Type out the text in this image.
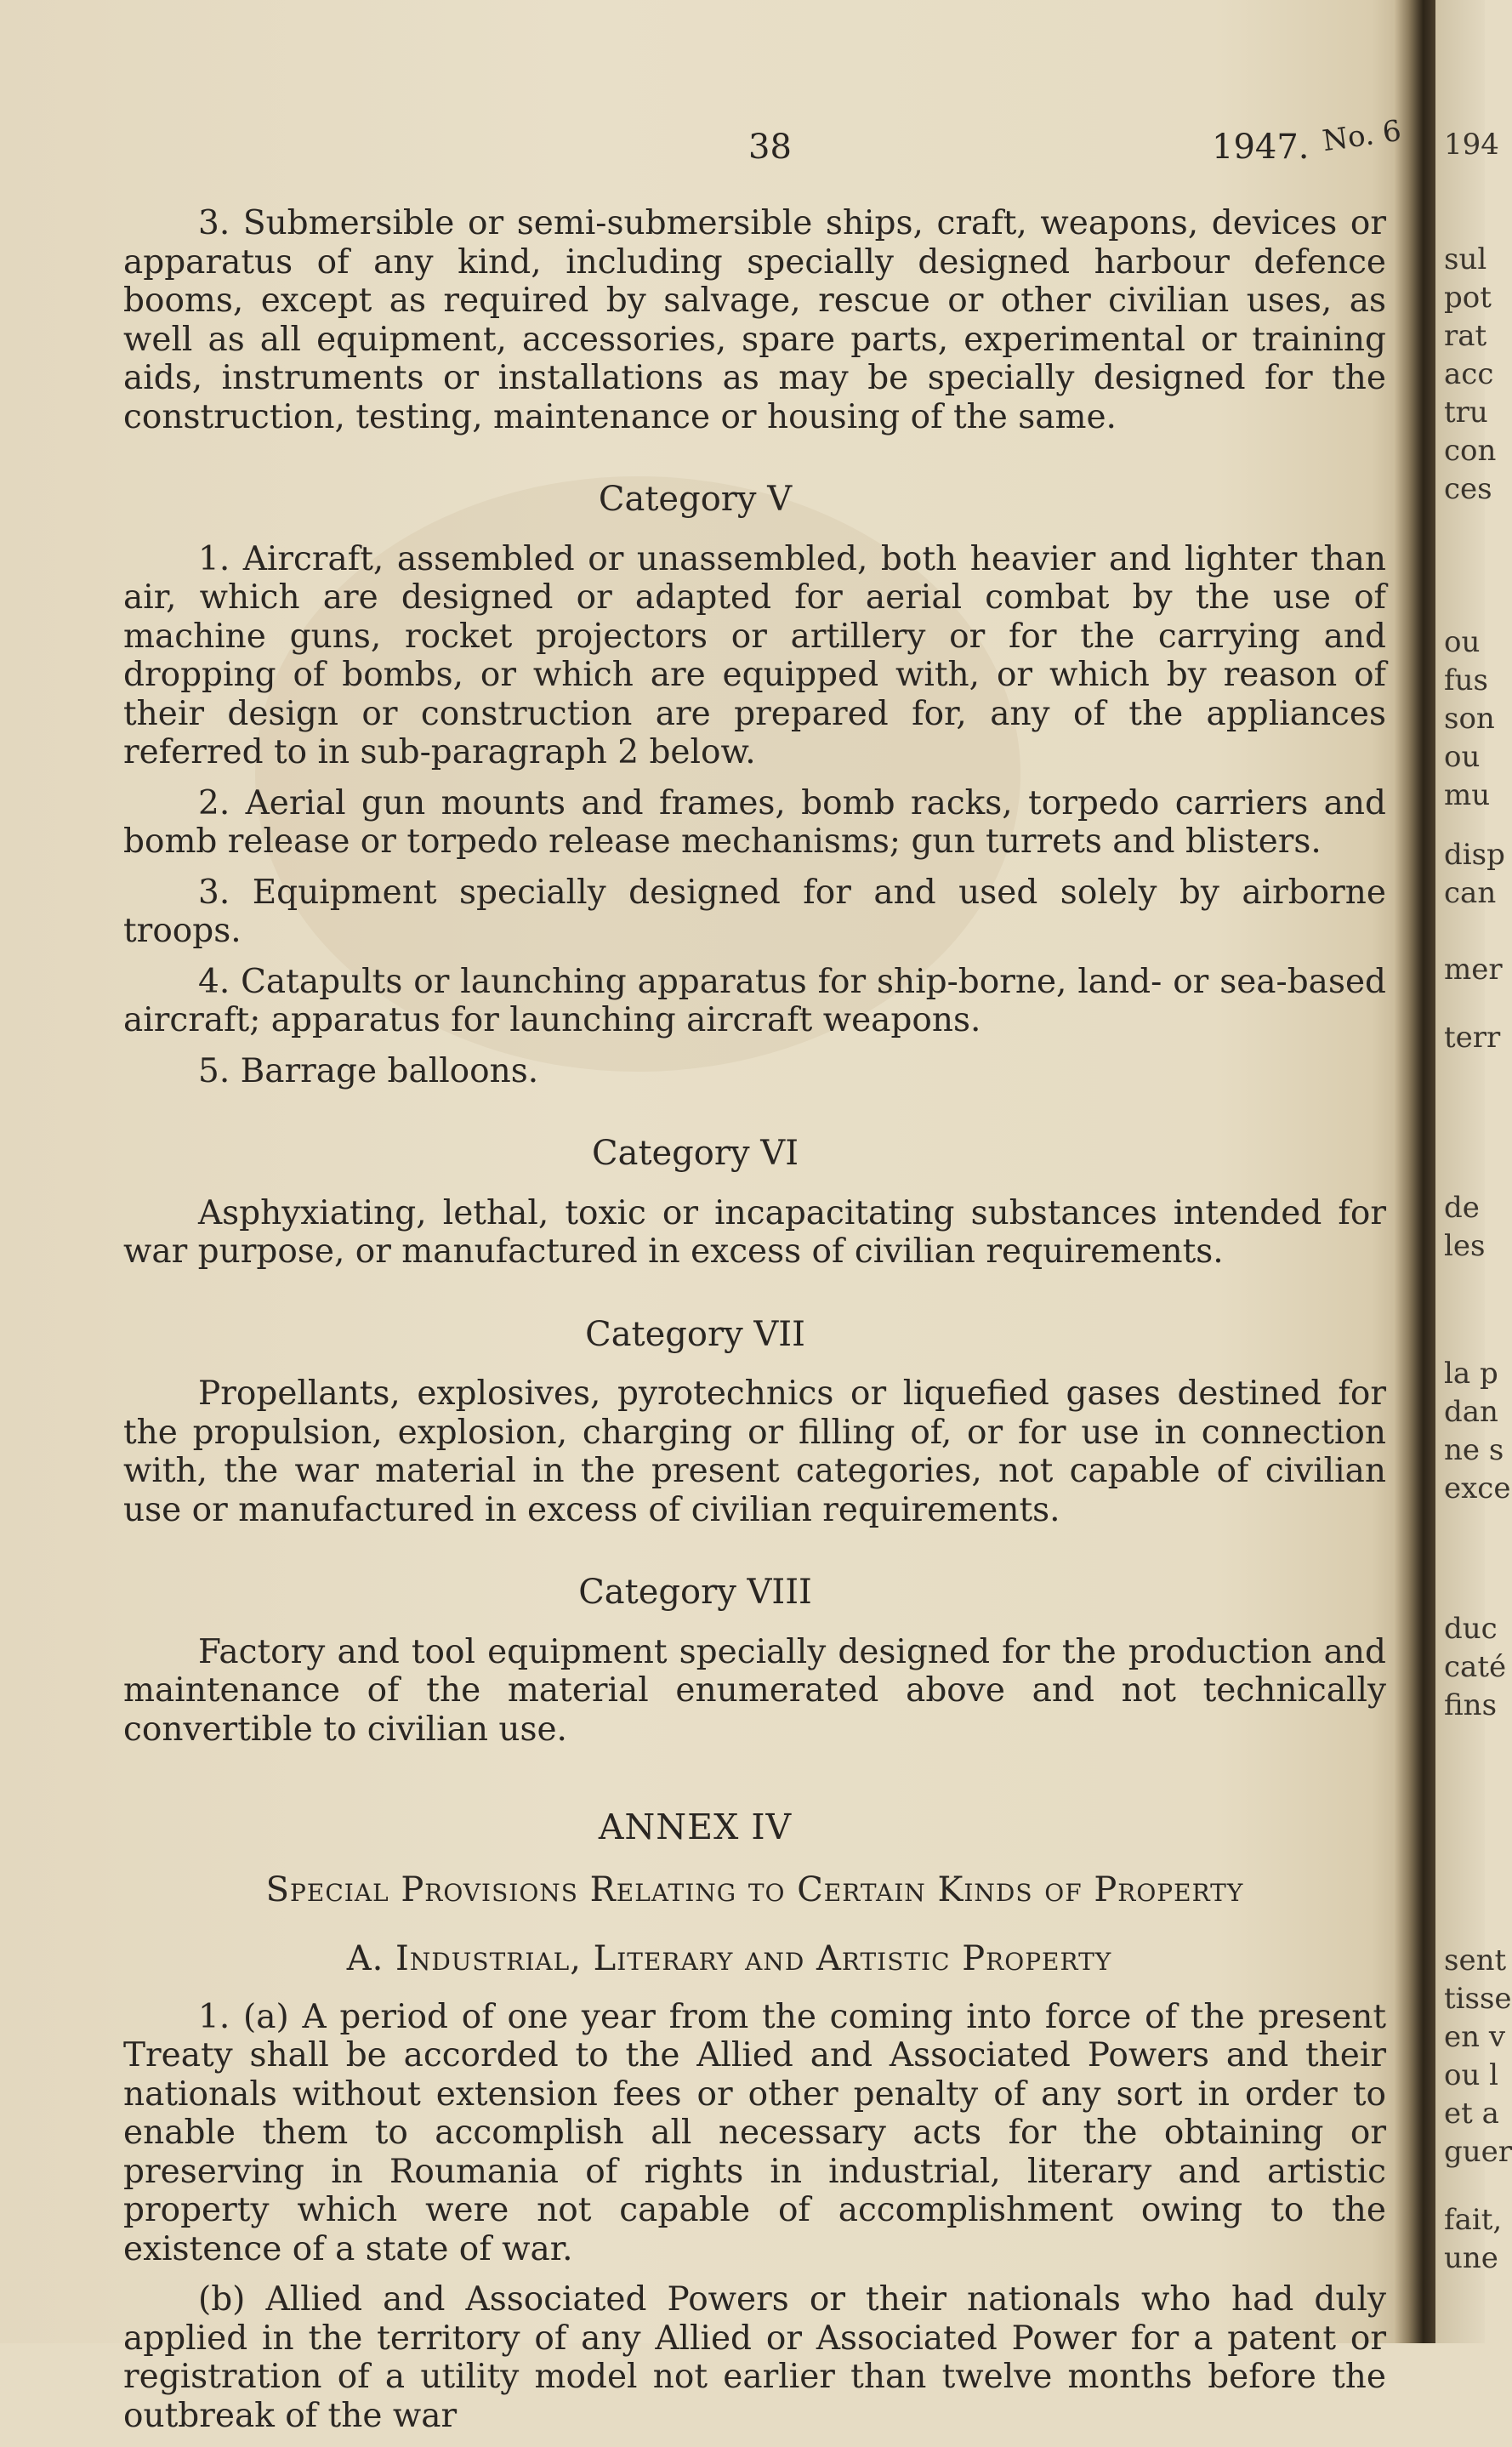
194
sul
pot
rat
acc
tru
con
ces
ou
fus
son
ou
mu
disp
can
mer
terr
de
les
la p
dan
ne s
exce
duc
caté
fins
sent
tisse
en v
ou l
et a
guer
fait,
une
38	1947. No. 6

3. Submersible or semi-submersible ships, craft, weapons, devices or apparatus of any kind, including specially designed harbour defence booms, except as required by salvage, rescue or other civilian uses, as well as all equipment, accessories, spare parts, experimental or training aids, instruments or installations as may be specially designed for the construction, testing, maintenance or housing of the same.

Category V

1. Aircraft, assembled or unassembled, both heavier and lighter than air, which are designed or adapted for aerial combat by the use of machine guns, rocket projectors or artillery or for the carrying and dropping of bombs, or which are equipped with, or which by reason of their design or construction are prepared for, any of the appliances referred to in sub-paragraph 2 below.

2. Aerial gun mounts and frames, bomb racks, torpedo carriers and bomb release or torpedo release mechanisms; gun turrets and blisters.

3. Equipment specially designed for and used solely by airborne troops.

4. Catapults or launching apparatus for ship-borne, land- or sea-based aircraft; apparatus for launching aircraft weapons.

5. Barrage balloons.

Category VI

Asphyxiating, lethal, toxic or incapacitating substances intended for war purpose, or manufactured in excess of civilian requirements.

Category VII

Propellants, explosives, pyrotechnics or liquefied gases destined for the propulsion, explosion, charging or filling of, or for use in connection with, the war material in the present categories, not capable of civilian use or manufactured in excess of civilian requirements.

Category VIII

Factory and tool equipment specially designed for the production and maintenance of the material enumerated above and not technically convertible to civilian use.

ANNEX IV
Special Provisions Relating to Certain Kinds of Property
A. Industrial, Literary and Artistic Property

1. (a) A period of one year from the coming into force of the present Treaty shall be accorded to the Allied and Associated Powers and their nationals without extension fees or other penalty of any sort in order to enable them to accomplish all necessary acts for the obtaining or preserving in Roumania of rights in industrial, literary and artistic property which were not capable of accomplishment owing to the existence of a state of war.

(b) Allied and Associated Powers or their nationals who had duly applied in the territory of any Allied or Associated Power for a patent or registration of a utility model not earlier than twelve months before the outbreak of the war
